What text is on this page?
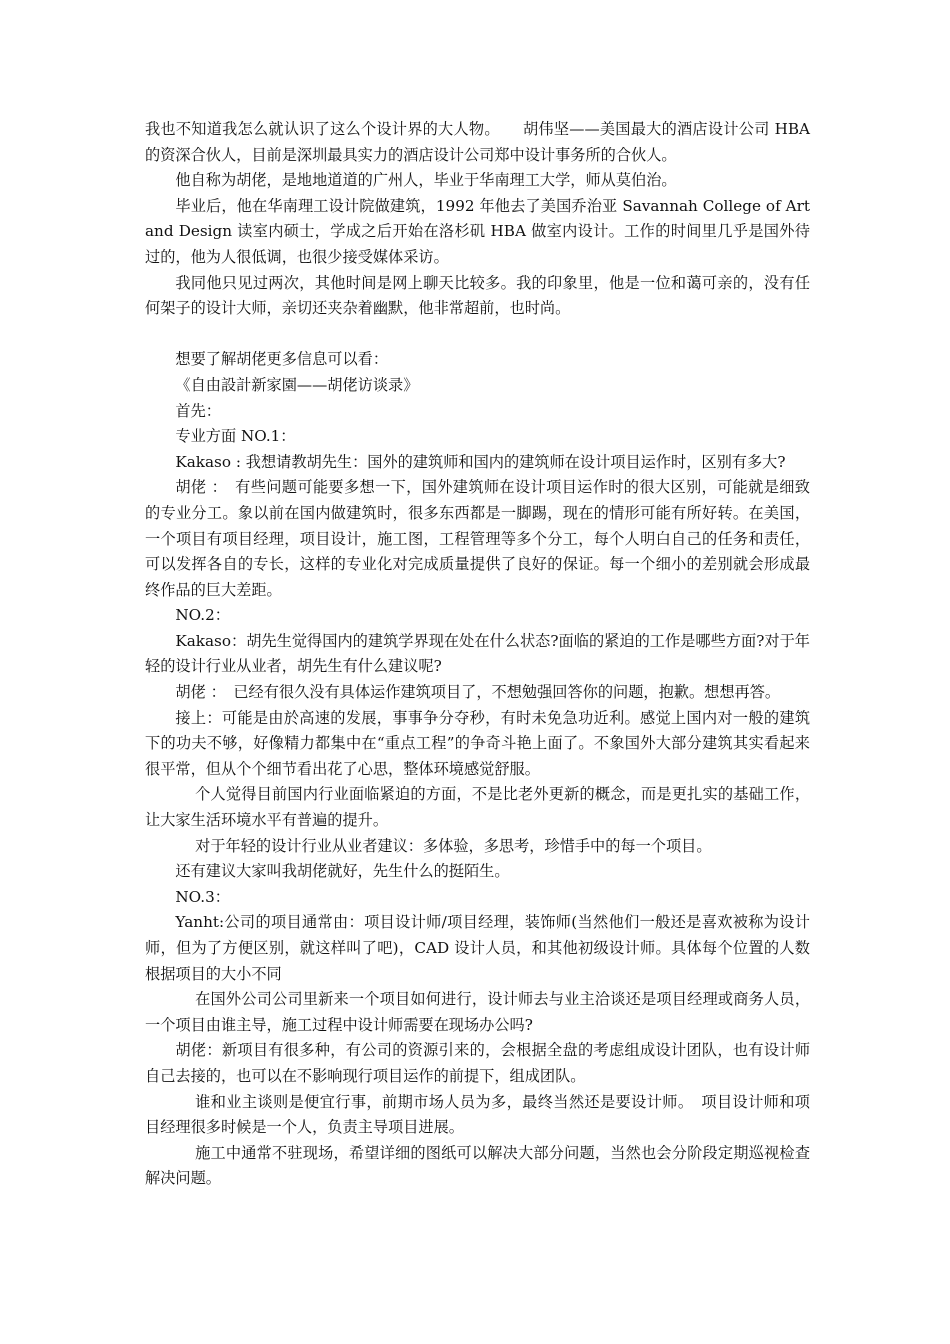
我也不知道我怎么就认识了这么个设计界的大人物。　　胡伟坚——美国最大的酒店设计公司 HBA 的资深合伙人，目前是深圳最具实力的酒店设计公司郑中设计事务所的合伙人。

他自称为胡佬，是地地道道的广州人，毕业于华南理工大学，师从莫伯治。

毕业后，他在华南理工设计院做建筑，1992 年他去了美国乔治亚 Savannah College of Art and Design 读室内硕士，学成之后开始在洛杉矶 HBA 做室内设计。工作的时间里几乎是国外待过的，他为人很低调，也很少接受媒体采访。

我同他只见过两次，其他时间是网上聊天比较多。我的印象里，他是一位和蔼可亲的，没有任何架子的设计大师，亲切还夹杂着幽默，他非常超前，也时尚。

想要了解胡佬更多信息可以看：

《自由設計新家園——胡佬访谈录》

首先：

专业方面 NO.1：

Kakaso : 我想请教胡先生：国外的建筑师和国内的建筑师在设计项目运作时，区别有多大?

胡佬 ：　有些问题可能要多想一下，国外建筑师在设计项目运作时的很大区别，可能就是细致的专业分工。象以前在国内做建筑时，很多东西都是一脚踢，现在的情形可能有所好转。在美国，一个项目有项目经理，项目设计，施工图，工程管理等多个分工，每个人明白自己的任务和责任，可以发挥各自的专长，这样的专业化对完成质量提供了良好的保证。每一个细小的差别就会形成最终作品的巨大差距。

NO.2：

Kakaso：胡先生觉得国内的建筑学界现在处在什么状态?面临的紧迫的工作是哪些方面?对于年轻的设计行业从业者，胡先生有什么建议呢?

胡佬 ：　已经有很久没有具体运作建筑项目了，不想勉强回答你的问题，抱歉。想想再答。

接上：可能是由於高速的发展，事事争分夺秒，有时未免急功近利。感觉上国内对一般的建筑下的功夫不够，好像精力都集中在“重点工程”的争奇斗艳上面了。不象国外大部分建筑其实看起来很平常，但从个个细节看出花了心思，整体环境感觉舒服。

个人觉得目前国内行业面临紧迫的方面，不是比老外更新的概念，而是更扎实的基础工作，让大家生活环境水平有普遍的提升。

对于年轻的设计行业从业者建议：多体验，多思考，珍惜手中的每一个项目。

还有建议大家叫我胡佬就好，先生什么的挺陌生。

NO.3：

Yanht:公司的项目通常由：项目设计师/项目经理，装饰师(当然他们一般还是喜欢被称为设计师，但为了方便区别，就这样叫了吧)，CAD 设计人员，和其他初级设计师。具体每个位置的人数根据项目的大小不同

在国外公司公司里新来一个项目如何进行，设计师去与业主洽谈还是项目经理或商务人员，一个项目由谁主导，施工过程中设计师需要在现场办公吗?

胡佬：新项目有很多种，有公司的资源引来的，会根据全盘的考虑组成设计团队，也有设计师自己去接的，也可以在不影响现行项目运作的前提下，组成团队。

谁和业主谈则是便宜行事，前期市场人员为多，最终当然还是要设计师。　项目设计师和项目经理很多时候是一个人，负责主导项目进展。

施工中通常不驻现场，希望详细的图纸可以解决大部分问题，当然也会分阶段定期巡视检查解决问题。
